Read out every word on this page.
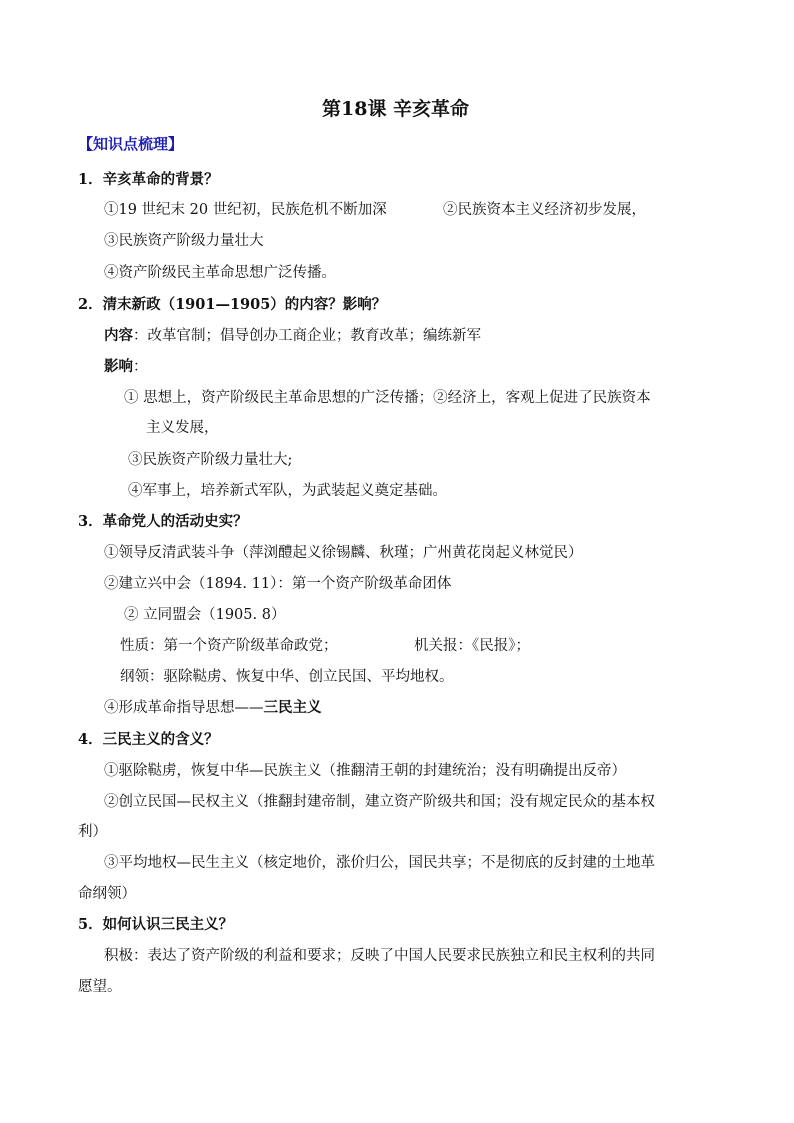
第18课 辛亥革命
【知识点梳理】
1．辛亥革命的背景？
①19 世纪末 20 世纪初，民族危机不断加深	②民族资本主义经济初步发展，
③民族资产阶级力量壮大
④资产阶级民主革命思想广泛传播。
2．清末新政（1901—1905）的内容？影响？
内容：改革官制；倡导创办工商企业；教育改革；编练新军
影响：
① 思想上，资产阶级民主革命思想的广泛传播；②经济上，客观上促进了民族资本
主义发展，
③民族资产阶级力量壮大;
④军事上，培养新式军队，为武装起义奠定基础。
3．革命党人的活动史实？
①领导反清武装斗争（萍浏醴起义徐锡麟、秋瑾；广州黄花岗起义林觉民）
②建立兴中会（1894. 11）：第一个资产阶级革命团体
② 立同盟会（1905. 8）
性质：第一个资产阶级革命政党；	机关报：《民报》；
纲领：驱除鞑虏、恢复中华、创立民国、平均地权。
④形成革命指导思想——三民主义
4．三民主义的含义？
①驱除鞑虏，恢复中华—民族主义（推翻清王朝的封建统治；没有明确提出反帝）
②创立民国—民权主义（推翻封建帝制，建立资产阶级共和国；没有规定民众的基本权
利）
③平均地权—民生主义（核定地价，涨价归公，国民共享；不是彻底的反封建的土地革
命纲领）
5．如何认识三民主义？
积极：表达了资产阶级的利益和要求；反映了中国人民要求民族独立和民主权利的共同
愿望。
